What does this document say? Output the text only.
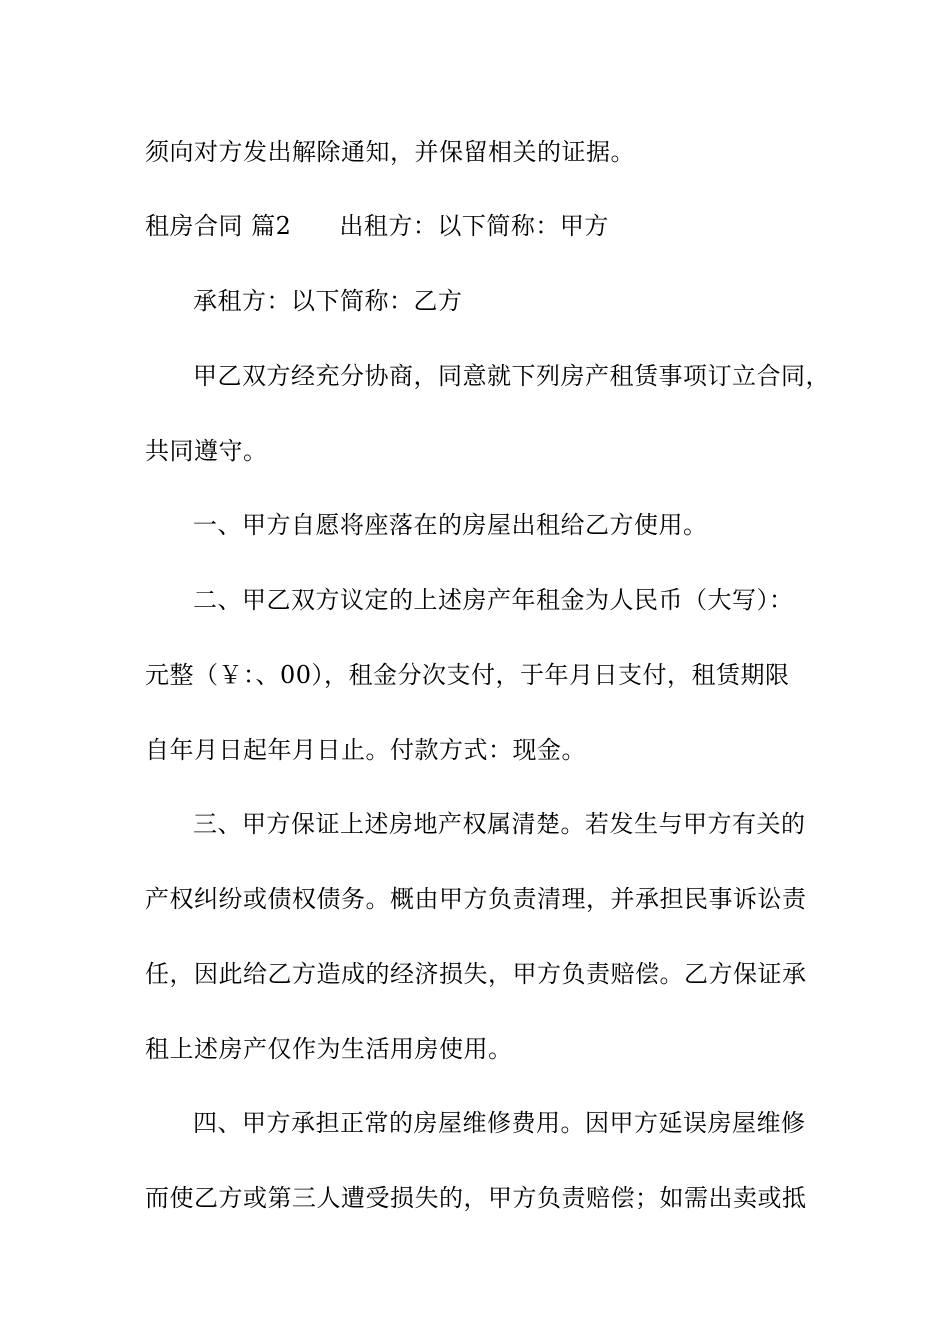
须向对方发出解除通知，并保留相关的证据。
租房合同 篇2 出租方：以下简称：甲方
承租方：以下简称：乙方
甲乙双方经充分协商，同意就下列房产租赁事项订立合同，
共同遵守。
一、甲方自愿将座落在的房屋出租给乙方使用。
二、甲乙双方议定的上述房产年租金为人民币（大写）：
元整（￥：、00），租金分次支付，于年月日支付，租赁期限
自年月日起年月日止。付款方式：现金。
三、甲方保证上述房地产权属清楚。若发生与甲方有关的
产权纠纷或债权债务。概由甲方负责清理，并承担民事诉讼责
任，因此给乙方造成的经济损失，甲方负责赔偿。乙方保证承
租上述房产仅作为生活用房使用。
四、甲方承担正常的房屋维修费用。因甲方延误房屋维修
而使乙方或第三人遭受损失的，甲方负责赔偿；如需出卖或抵
